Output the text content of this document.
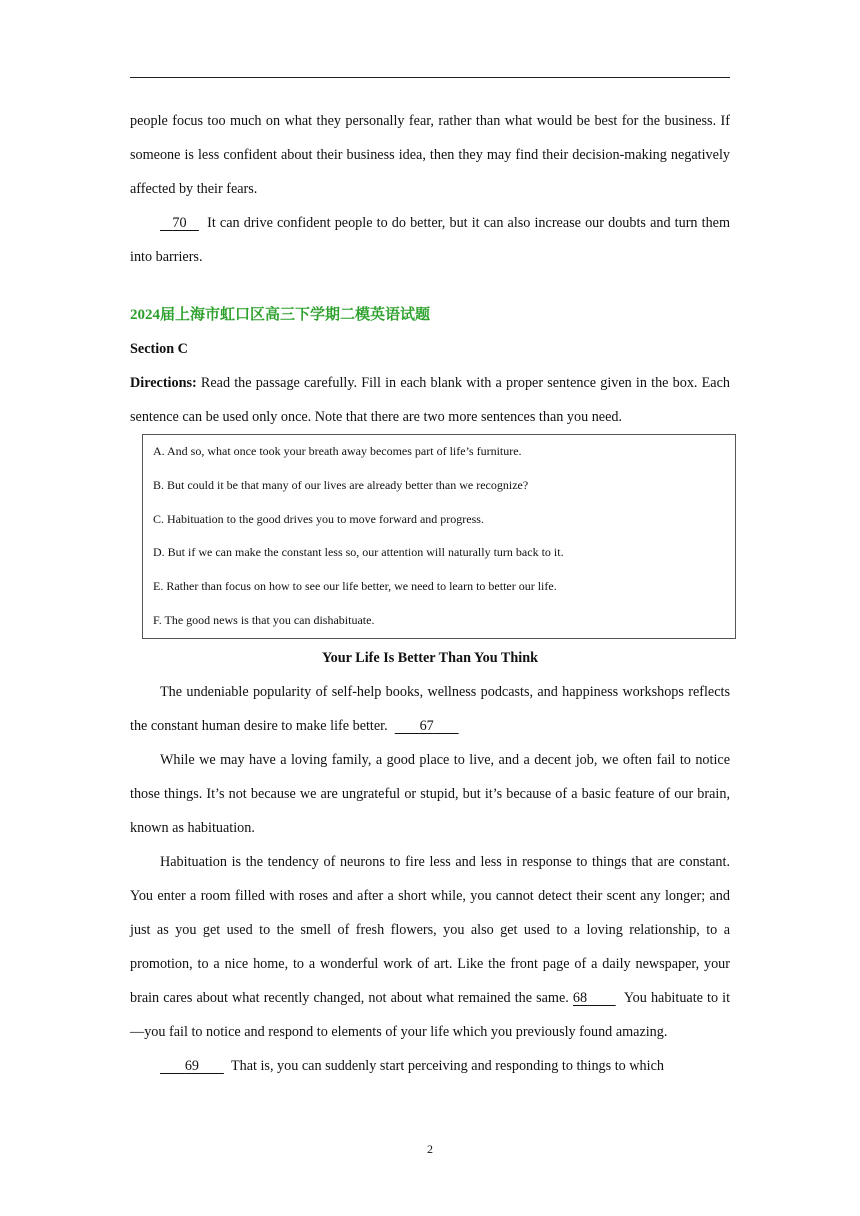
people focus too much on what they personally fear, rather than what would be best for the business. If someone is less confident about their business idea, then they may find their decision-making negatively affected by their fears.

70 It can drive confident people to do better, but it can also increase our doubts and turn them into barriers.

2024届上海市虹口区高三下学期二模英语试题
Section C

Directions: Read the passage carefully. Fill in each blank with a proper sentence given in the box. Each sentence can be used only once. Note that there are two more sentences than you need.

A. And so, what once took your breath away becomes part of life’s furniture.
B. But could it be that many of our lives are already better than we recognize?
C. Habituation to the good drives you to move forward and progress.
D. But if we can make the constant less so, our attention will naturally turn back to it.
E. Rather than focus on how to see our life better, we need to learn to better our life.
F. The good news is that you can dishabituate.
Your Life Is Better Than You Think

The undeniable popularity of self-help books, wellness podcasts, and happiness workshops reflects the constant human desire to make life better. 67

While we may have a loving family, a good place to live, and a decent job, we often fail to notice those things. It’s not because we are ungrateful or stupid, but it’s because of a basic feature of our brain, known as habituation.

Habituation is the tendency of neurons to fire less and less in response to things that are constant. You enter a room filled with roses and after a short while, you cannot detect their scent any longer; and just as you get used to the smell of fresh flowers, you also get used to a loving relationship, to a promotion, to a nice home, to a wonderful work of art. Like the front page of a daily newspaper, your brain cares about what recently changed, not about what remained the same. 68	You habituate to it—you fail to notice and respond to elements of your life which you previously found amazing.

69 That is, you can suddenly start perceiving and responding to things to which

2
